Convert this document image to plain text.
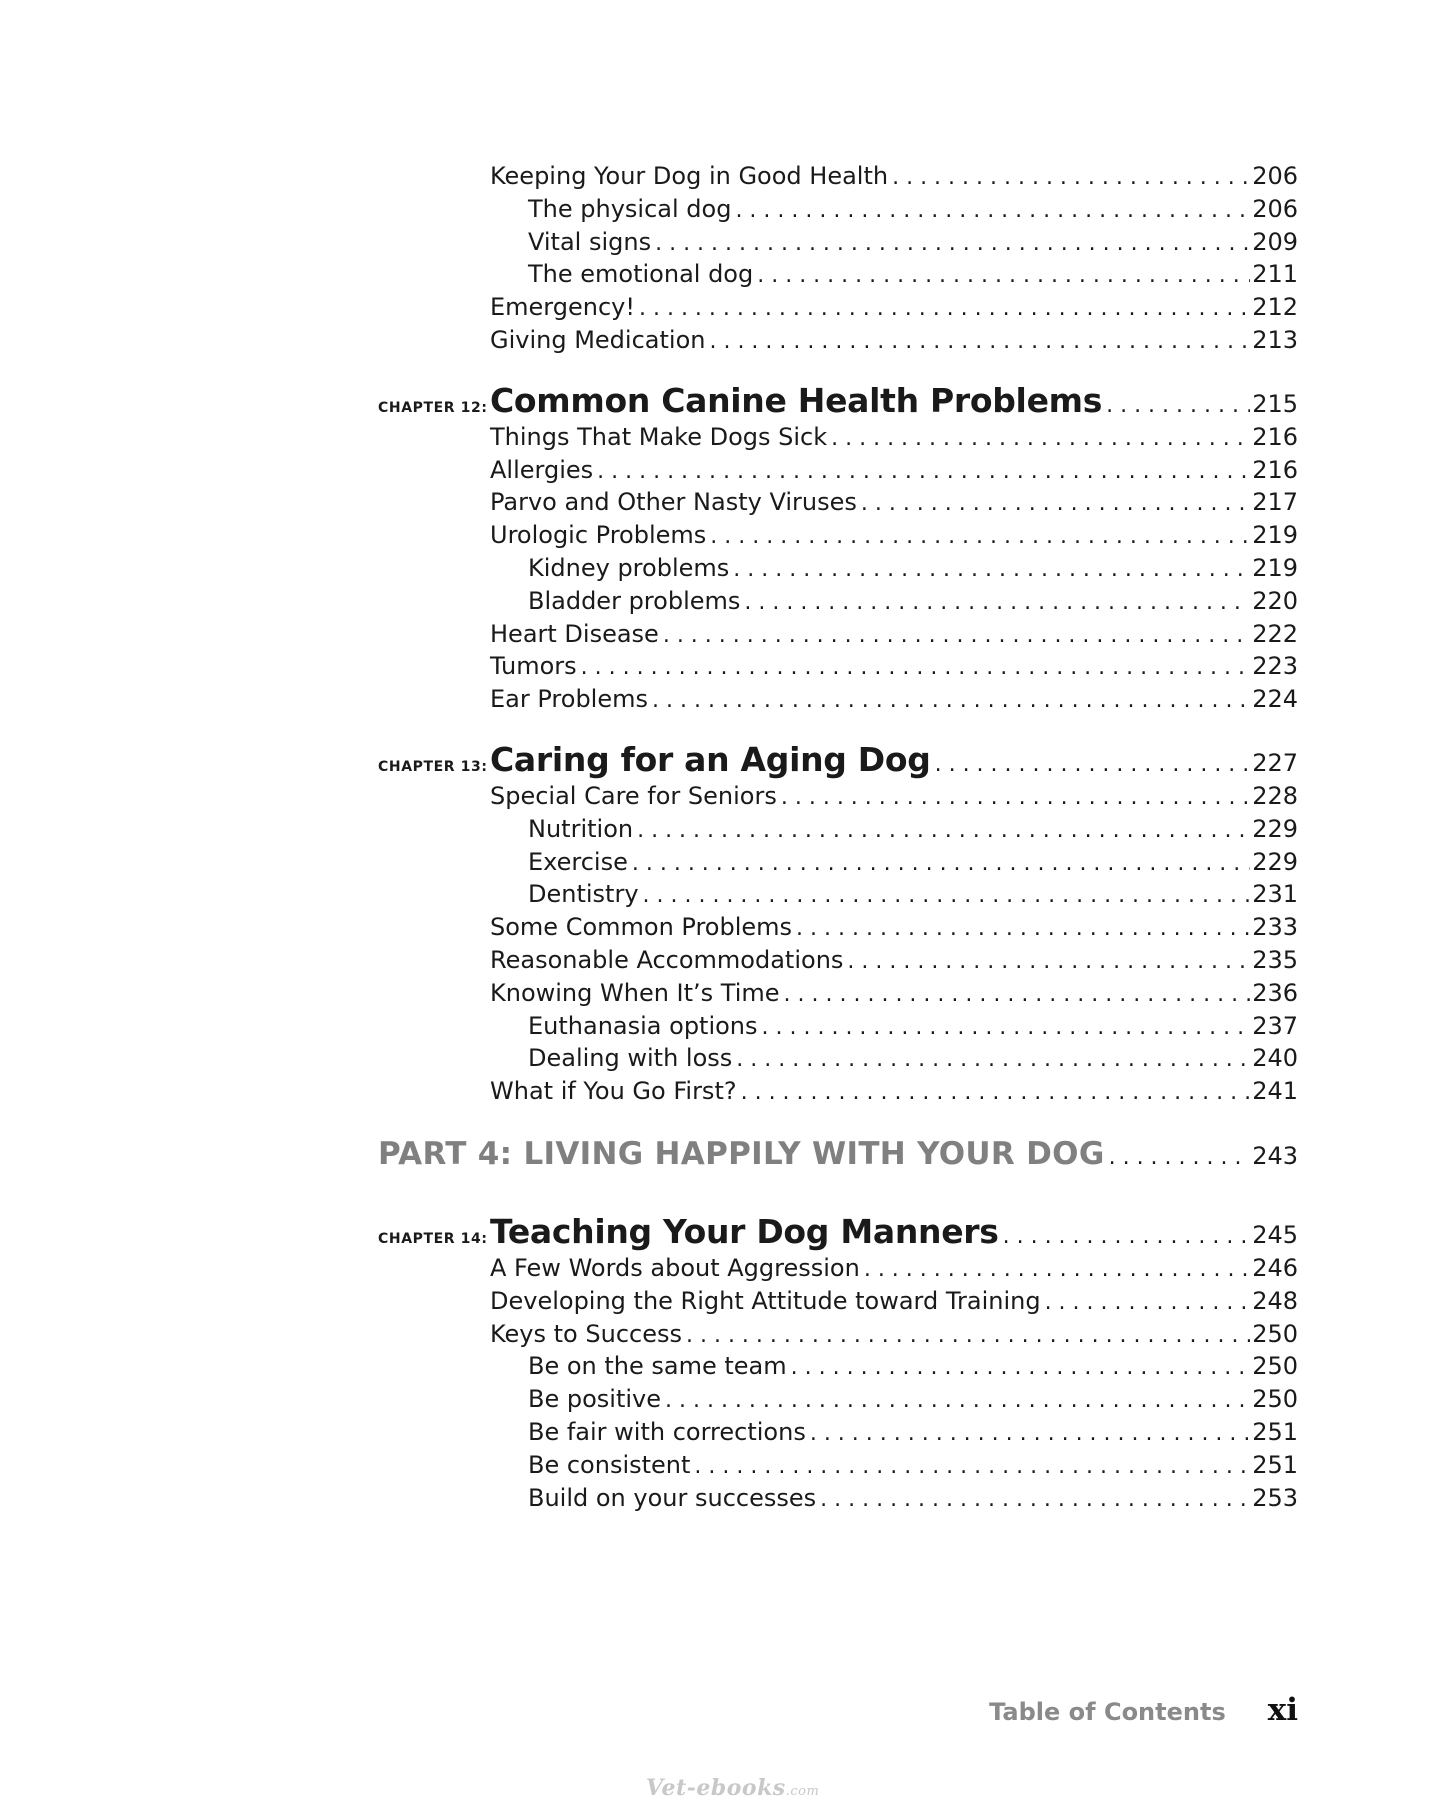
Keeping Your Dog in Good Health . . .	206
The physical dog . . .	206
Vital signs . . .	209
The emotional dog . . .	211
Emergency! . . .	212
Giving Medication . . .	213
CHAPTER 12: Common Canine Health Problems . . .	215
Things That Make Dogs Sick . . .	216
Allergies . . .	216
Parvo and Other Nasty Viruses . . .	217
Urologic Problems . . .	219
Kidney problems . . .	219
Bladder problems . . .	220
Heart Disease . . .	222
Tumors . . .	223
Ear Problems . . .	224
CHAPTER 13: Caring for an Aging Dog . . .	227
Special Care for Seniors . . .	228
Nutrition . . .	229
Exercise . . .	229
Dentistry . . .	231
Some Common Problems . . .	233
Reasonable Accommodations . . .	235
Knowing When It’s Time . . .	236
Euthanasia options . . .	237
Dealing with loss . . .	240
What if You Go First? . . .	241
PART 4: LIVING HAPPILY WITH YOUR DOG . . .	243
CHAPTER 14: Teaching Your Dog Manners . . .	245
A Few Words about Aggression . . .	246
Developing the Right Attitude toward Training . . .	248
Keys to Success . . .	250
Be on the same team . . .	250
Be positive . . .	250
Be fair with corrections . . .	251
Be consistent . . .	251
Build on your successes . . .	253
Table of Contents xi
Vet-ebooks.com
